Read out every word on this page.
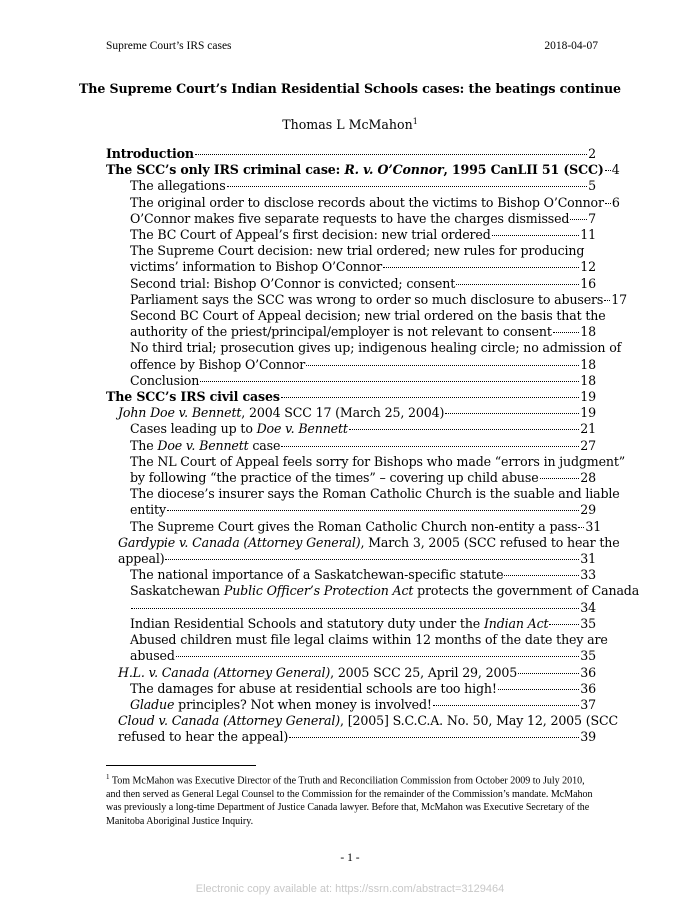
Supreme Court’s IRS cases	2018-04-07
The Supreme Court’s Indian Residential Schools cases: the beatings continue
Thomas L McMahon$^1$
Introduction	2
The SCC’s only IRS criminal case: R. v. O’Connor, 1995 CanLII 51 (SCC) 4
The allegations	5
The original order to disclose records about the victims to Bishop O’Connor 6
O’Connor makes five separate requests to have the charges dismissed 7
The BC Court of Appeal’s first decision: new trial ordered	11
The Supreme Court decision: new trial ordered; new rules for producing
victims’ information to Bishop O’Connor	12
Second trial: Bishop O’Connor is convicted; consent	16
Parliament says the SCC was wrong to order so much disclosure to abusers 17
Second BC Court of Appeal decision; new trial ordered on the basis that the
authority of the priest/principal/employer is not relevant to consent 18
No third trial; prosecution gives up; indigenous healing circle; no admission of
offence by Bishop O’Connor	18
Conclusion	18
The SCC’s IRS civil cases	19
John Doe v. Bennett, 2004 SCC 17 (March 25, 2004)	19
Cases leading up to Doe v. Bennett	21
The Doe v. Bennett case	27
The NL Court of Appeal feels sorry for Bishops who made “errors in judgment”
by following “the practice of the times” – covering up child abuse	28
The diocese’s insurer says the Roman Catholic Church is the suable and liable
entity	29
The Supreme Court gives the Roman Catholic Church non-entity a pass 31
Gardypie v. Canada (Attorney General), March 3, 2005 (SCC refused to hear the
appeal)	31
The national importance of a Saskatchewan-specific statute	33
Saskatchewan Public Officer’s Protection Act protects the government of Canada
34
Indian Residential Schools and statutory duty under the Indian Act	35
Abused children must file legal claims within 12 months of the date they are
abused	35
H.L. v. Canada (Attorney General), 2005 SCC 25, April 29, 2005	36
The damages for abuse at residential schools are too high!	36
Gladue principles? Not when money is involved!	37
Cloud v. Canada (Attorney General), [2005] S.C.C.A. No. 50, May 12, 2005 (SCC
refused to hear the appeal)	39
$^1$ Tom McMahon was Executive Director of the Truth and Reconciliation Commission from October 2009 to July 2010, and then served as General Legal Counsel to the Commission for the remainder of the Commission’s mandate. McMahon was previously a long-time Department of Justice Canada lawyer. Before that, McMahon was Executive Secretary of the Manitoba Aboriginal Justice Inquiry.
- 1 -
Electronic copy available at: https://ssrn.com/abstract=3129464
